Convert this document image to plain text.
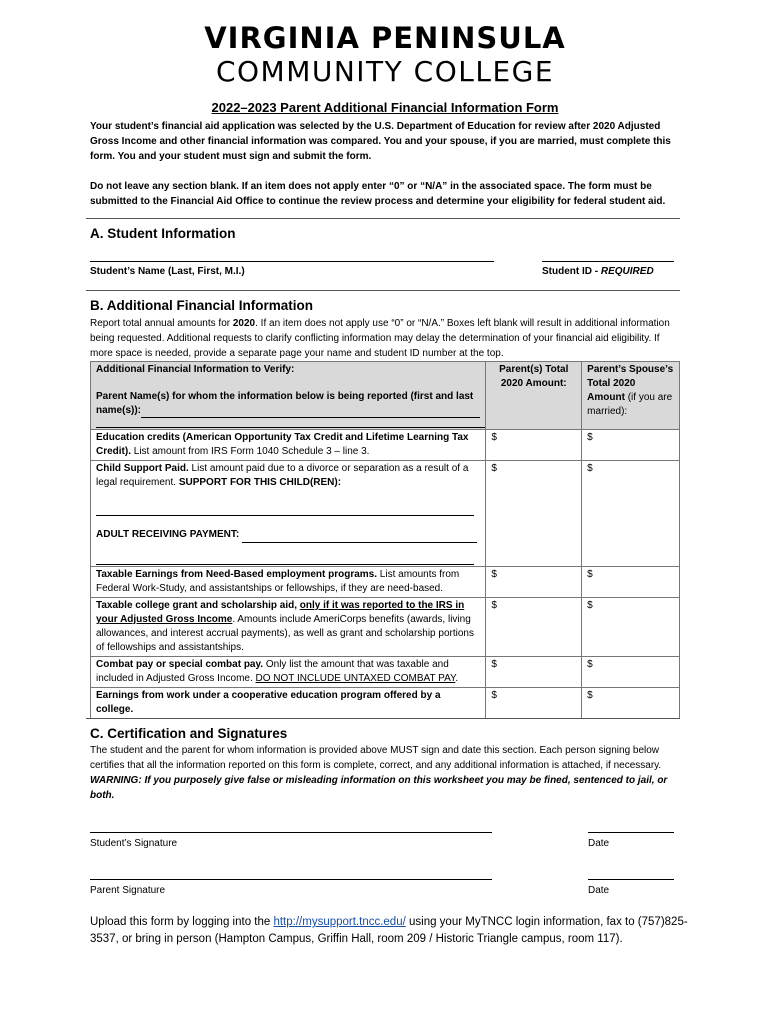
VIRGINIA PENINSULA
COMMUNITY COLLEGE
2022–2023 Parent Additional Financial Information Form
Your student’s financial aid application was selected by the U.S. Department of Education for review after 2020 Adjusted Gross Income and other financial information was compared. You and your spouse, if you are married, must complete this form. You and your student must sign and submit the form.
Do not leave any section blank. If an item does not apply enter “0” or “N/A” in the associated space. The form must be submitted to the Financial Aid Office to continue the review process and determine your eligibility for federal student aid.
A. Student Information
Student’s Name (Last, First, M.I.)	Student ID - REQUIRED
B. Additional Financial Information
Report total annual amounts for 2020. If an item does not apply use “0” or “N/A.” Boxes left blank will result in additional information being requested. Additional requests to clarify conflicting information may delay the determination of your financial aid eligibility. If more space is needed, provide a separate page your name and student ID number at the top.
Additional Financial Information to Verify:
Parent Name(s) for whom the information below is being reported (first and last name(s)):	Parent(s) Total 2020 Amount:	Parent’s Spouse’s Total 2020 Amount (if you are married):
Education credits (American Opportunity Tax Credit and Lifetime Learning Tax Credit). List amount from IRS Form 1040 Schedule 3 – line 3.	$	$
Child Support Paid. List amount paid due to a divorce or separation as a result of a legal requirement. SUPPORT FOR THIS CHILD(REN):
ADULT RECEIVING PAYMENT:	$	$
Taxable Earnings from Need-Based employment programs. List amounts from Federal Work-Study, and assistantships or fellowships, if they are need-based.	$	$
Taxable college grant and scholarship aid, only if it was reported to the IRS in your Adjusted Gross Income. Amounts include AmeriCorps benefits (awards, living allowances, and interest accrual payments), as well as grant and scholarship portions of fellowships and assistantships.	$	$
Combat pay or special combat pay. Only list the amount that was taxable and included in Adjusted Gross Income. DO NOT INCLUDE UNTAXED COMBAT PAY.	$	$
Earnings from work under a cooperative education program offered by a college.	$	$
C. Certification and Signatures
The student and the parent for whom information is provided above MUST sign and date this section. Each person signing below certifies that all the information reported on this form is complete, correct, and any additional information is attached, if necessary. WARNING: If you purposely give false or misleading information on this worksheet you may be fined, sentenced to jail, or both.
Student’s Signature	Date
Parent Signature	Date
Upload this form by logging into the http://mysupport.tncc.edu/ using your MyTNCC login information, fax to (757)825-3537, or bring in person (Hampton Campus, Griffin Hall, room 209 / Historic Triangle campus, room 117).
